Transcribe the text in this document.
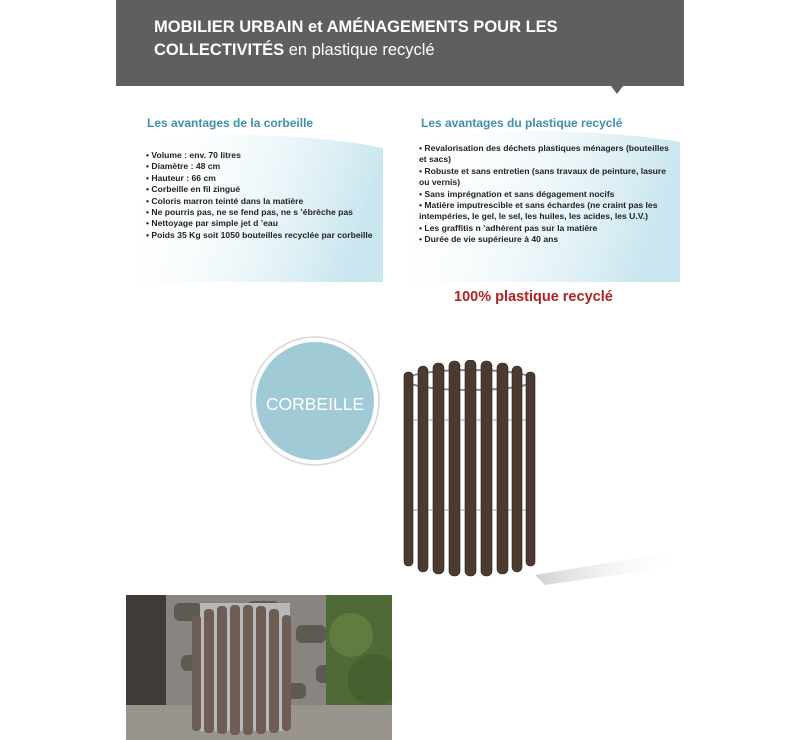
MOBILIER URBAIN et AMÉNAGEMENTS POUR LES COLLECTIVITÉS en plastique recyclé
Les avantages de la corbeille
• Volume : env. 70 litres
• Diamètre : 48 cm
• Hauteur : 66 cm
• Corbeille en fil zingué
• Coloris marron teinté dans la matière
• Ne pourris pas, ne se fend pas, ne s ’ébrèche pas
• Nettoyage par simple jet d ’eau
• Poids 35 Kg soit 1050 bouteilles recyclée par corbeille
Les avantages du plastique recyclé
• Revalorisation des déchets plastiques ménagers (bouteilles et sacs)
• Robuste et sans entretien (sans travaux de peinture, lasure ou vernis)
• Sans imprégnation et sans dégagement nocifs
• Matière imputrescible et sans échardes (ne craint pas les intempéries, le gel, le sel, les huiles, les acides, les U.V.)
• Les graffitis n ’adhèrent pas sur la matière
• Durée de vie supérieure à 40 ans
100% plastique recyclé
CORBEILLE
